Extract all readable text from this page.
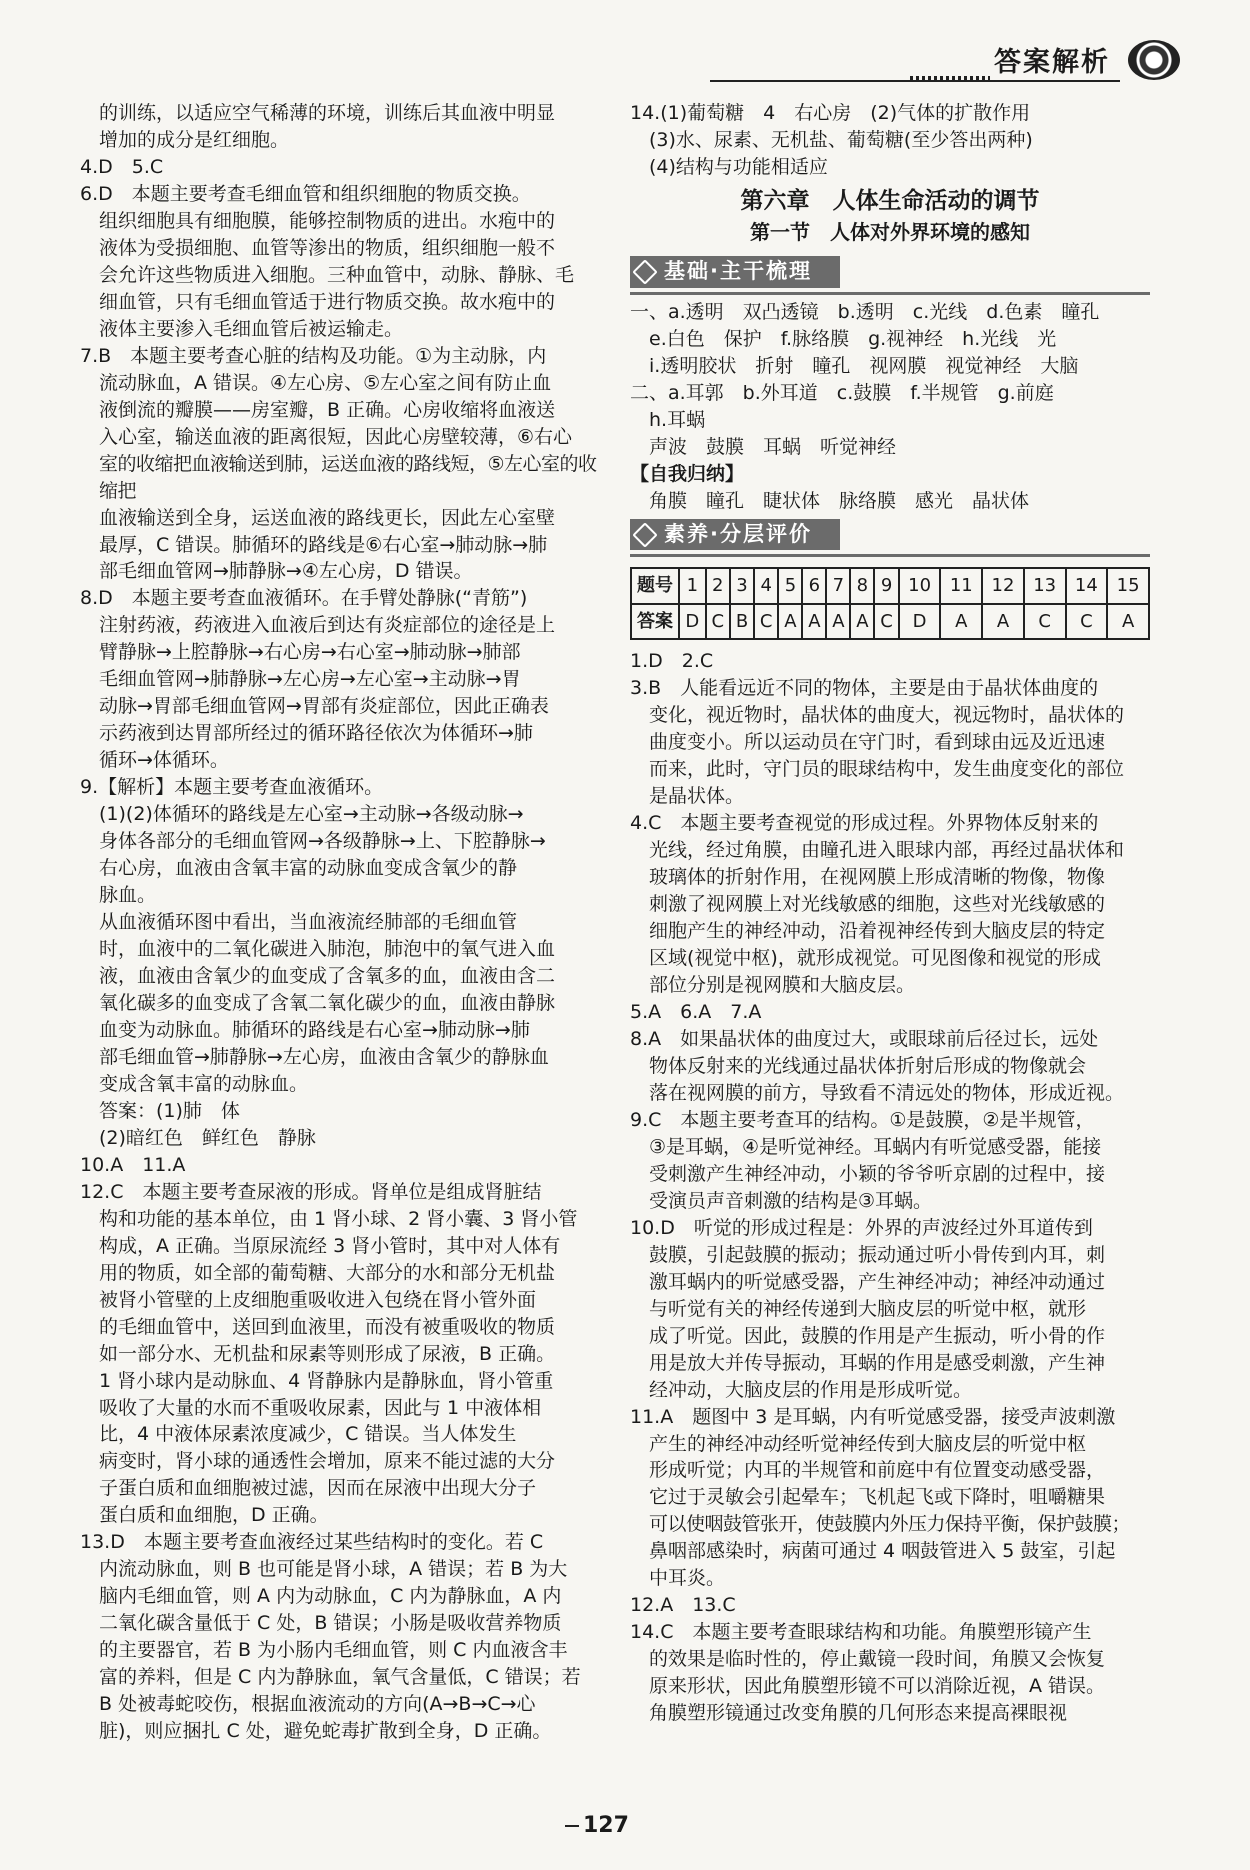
答案解析

的训练，以适应空气稀薄的环境，训练后其血液中明显

增加的成分是红细胞。

4.D　5.C

6.D　本题主要考查毛细血管和组织细胞的物质交换。

组织细胞具有细胞膜，能够控制物质的进出。水疱中的

液体为受损细胞、血管等渗出的物质，组织细胞一般不

会允许这些物质进入细胞。三种血管中，动脉、静脉、毛

细血管，只有毛细血管适于进行物质交换。故水疱中的

液体主要渗入毛细血管后被运输走。

7.B　本题主要考查心脏的结构及功能。①为主动脉，内

流动脉血，A 错误。④左心房、⑤左心室之间有防止血

液倒流的瓣膜——房室瓣，B 正确。心房收缩将血液送

入心室，输送血液的距离很短，因此心房壁较薄，⑥右心

室的收缩把血液输送到肺，运送血液的路线短，⑤左心室的收缩把

血液输送到全身，运送血液的路线更长，因此左心室壁

最厚，C 错误。肺循环的路线是⑥右心室→肺动脉→肺

部毛细血管网→肺静脉→④左心房，D 错误。

8.D　本题主要考查血液循环。在手臂处静脉(“青筋”)

注射药液，药液进入血液后到达有炎症部位的途径是上

臂静脉→上腔静脉→右心房→右心室→肺动脉→肺部

毛细血管网→肺静脉→左心房→左心室→主动脉→胃

动脉→胃部毛细血管网→胃部有炎症部位，因此正确表

示药液到达胃部所经过的循环路径依次为体循环→肺

循环→体循环。

9.【解析】本题主要考查血液循环。

(1)(2)体循环的路线是左心室→主动脉→各级动脉→

身体各部分的毛细血管网→各级静脉→上、下腔静脉→

右心房，血液由含氧丰富的动脉血变成含氧少的静

脉血。

从血液循环图中看出，当血液流经肺部的毛细血管

时，血液中的二氧化碳进入肺泡，肺泡中的氧气进入血

液，血液由含氧少的血变成了含氧多的血，血液由含二

氧化碳多的血变成了含氧二氧化碳少的血，血液由静脉

血变为动脉血。肺循环的路线是右心室→肺动脉→肺

部毛细血管→肺静脉→左心房，血液由含氧少的静脉血

变成含氧丰富的动脉血。

答案：(1)肺　体

(2)暗红色　鲜红色　静脉

10.A　11.A

12.C　本题主要考查尿液的形成。肾单位是组成肾脏结

构和功能的基本单位，由 1 肾小球、2 肾小囊、3 肾小管

构成，A 正确。当原尿流经 3 肾小管时，其中对人体有

用的物质，如全部的葡萄糖、大部分的水和部分无机盐

被肾小管壁的上皮细胞重吸收进入包绕在肾小管外面

的毛细血管中，送回到血液里，而没有被重吸收的物质

如一部分水、无机盐和尿素等则形成了尿液，B 正确。

1 肾小球内是动脉血、4 肾静脉内是静脉血，肾小管重

吸收了大量的水而不重吸收尿素，因此与 1 中液体相

比，4 中液体尿素浓度减少，C 错误。当人体发生

病变时，肾小球的通透性会增加，原来不能过滤的大分

子蛋白质和血细胞被过滤，因而在尿液中出现大分子

蛋白质和血细胞，D 正确。

13.D　本题主要考查血液经过某些结构时的变化。若 C

内流动脉血，则 B 也可能是肾小球，A 错误；若 B 为大

脑内毛细血管，则 A 内为动脉血，C 内为静脉血，A 内

二氧化碳含量低于 C 处，B 错误；小肠是吸收营养物质

的主要器官，若 B 为小肠内毛细血管，则 C 内血液含丰

富的养料，但是 C 内为静脉血，氧气含量低，C 错误；若

B 处被毒蛇咬伤，根据血液流动的方向(A→B→C→心

脏)，则应捆扎 C 处，避免蛇毒扩散到全身，D 正确。

14.(1)葡萄糖　4　右心房　(2)气体的扩散作用

(3)水、尿素、无机盐、葡萄糖(至少答出两种)

(4)结构与功能相适应

第六章　人体生命活动的调节
第一节　人体对外界环境的感知
基础·主干梳理

一、a.透明　双凸透镜　b.透明　c.光线　d.色素　瞳孔

e.白色　保护　f.脉络膜　g.视神经　h.光线　光

i.透明胶状　折射　瞳孔　视网膜　视觉神经　大脑

二、a.耳郭　b.外耳道　c.鼓膜　f.半规管　g.前庭

h.耳蜗

声波　鼓膜　耳蜗　听觉神经

【自我归纳】

角膜　瞳孔　睫状体　脉络膜　感光　晶状体

素养·分层评价
题号	1	2	3	4	5	6	7	8	9	10	11	12	13	14	15
答案	D	C	B	C	A	A	A	A	C	D	A	A	C	C	A

1.D　2.C

3.B　人能看远近不同的物体，主要是由于晶状体曲度的

变化，视近物时，晶状体的曲度大，视远物时，晶状体的

曲度变小。所以运动员在守门时，看到球由远及近迅速

而来，此时，守门员的眼球结构中，发生曲度变化的部位

是晶状体。

4.C　本题主要考查视觉的形成过程。外界物体反射来的

光线，经过角膜，由瞳孔进入眼球内部，再经过晶状体和

玻璃体的折射作用，在视网膜上形成清晰的物像，物像

刺激了视网膜上对光线敏感的细胞，这些对光线敏感的

细胞产生的神经冲动，沿着视神经传到大脑皮层的特定

区域(视觉中枢)，就形成视觉。可见图像和视觉的形成

部位分别是视网膜和大脑皮层。

5.A　6.A　7.A

8.A　如果晶状体的曲度过大，或眼球前后径过长，远处

物体反射来的光线通过晶状体折射后形成的物像就会

落在视网膜的前方，导致看不清远处的物体，形成近视。

9.C　本题主要考查耳的结构。①是鼓膜，②是半规管，

③是耳蜗，④是听觉神经。耳蜗内有听觉感受器，能接

受刺激产生神经冲动，小颖的爷爷听京剧的过程中，接

受演员声音刺激的结构是③耳蜗。

10.D　听觉的形成过程是：外界的声波经过外耳道传到

鼓膜，引起鼓膜的振动；振动通过听小骨传到内耳，刺

激耳蜗内的听觉感受器，产生神经冲动；神经冲动通过

与听觉有关的神经传递到大脑皮层的听觉中枢，就形

成了听觉。因此，鼓膜的作用是产生振动，听小骨的作

用是放大并传导振动，耳蜗的作用是感受刺激，产生神

经冲动，大脑皮层的作用是形成听觉。

11.A　题图中 3 是耳蜗，内有听觉感受器，接受声波刺激

产生的神经冲动经听觉神经传到大脑皮层的听觉中枢

形成听觉；内耳的半规管和前庭中有位置变动感受器，

它过于灵敏会引起晕车；飞机起飞或下降时，咀嚼糖果

可以使咽鼓管张开，使鼓膜内外压力保持平衡，保护鼓膜；

鼻咽部感染时，病菌可通过 4 咽鼓管进入 5 鼓室，引起

中耳炎。

12.A　13.C

14.C　本题主要考查眼球结构和功能。角膜塑形镜产生

的效果是临时性的，停止戴镜一段时间，角膜又会恢复

原来形状，因此角膜塑形镜不可以消除近视，A 错误。

角膜塑形镜通过改变角膜的几何形态来提高裸眼视

127
